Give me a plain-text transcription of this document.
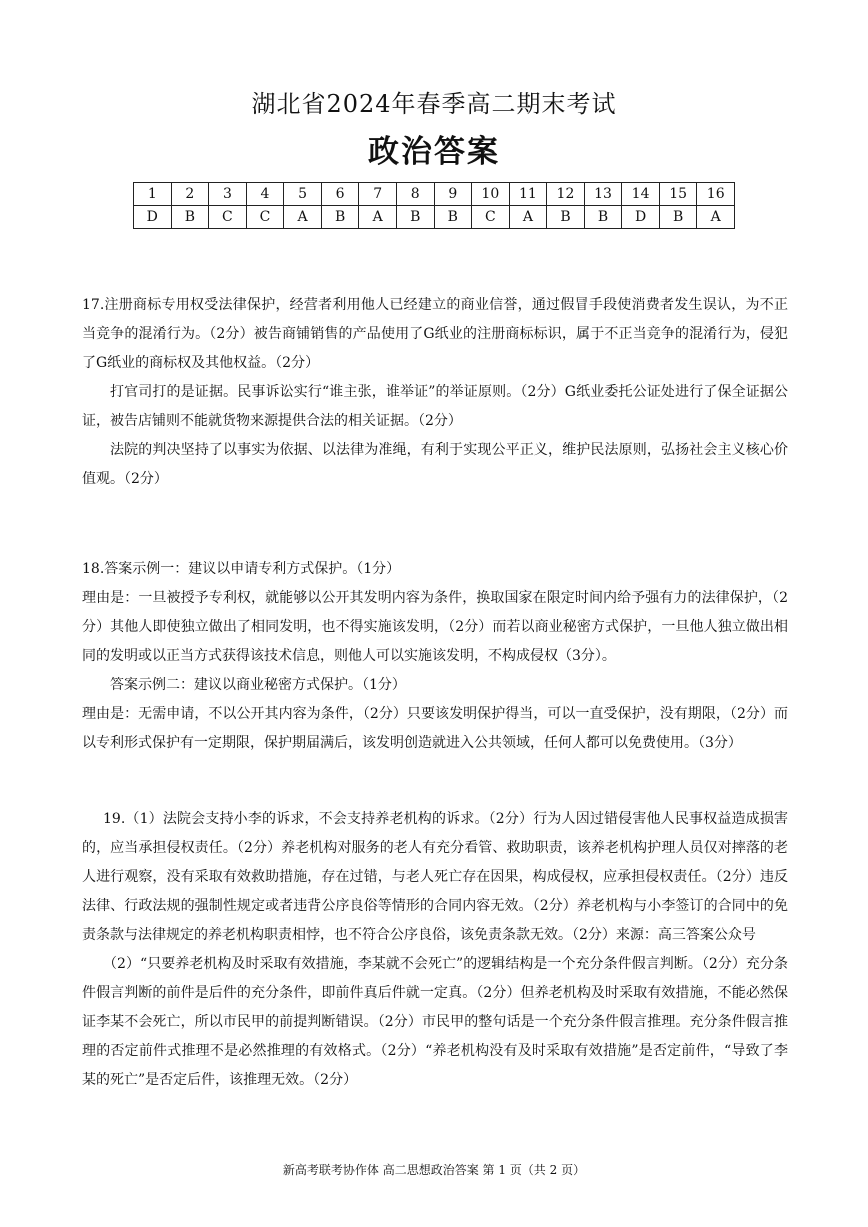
湖北省2024年春季高二期末考试
政治答案
1	2	3	4	5	6	7	8	9	10	11	12	13	14	15	16
D	B	C	C	A	B	A	B	B	C	A	B	B	D	B	A

17.注册商标专用权受法律保护，经营者利用他人已经建立的商业信誉，通过假冒手段使消费者发生误认，为不正当竞争的混淆行为。（2分）被告商铺销售的产品使用了G纸业的注册商标标识，属于不正当竞争的混淆行为，侵犯了G纸业的商标权及其他权益。（2分）

打官司打的是证据。民事诉讼实行“谁主张，谁举证”的举证原则。（2分）G纸业委托公证处进行了保全证据公证，被告店铺则不能就货物来源提供合法的相关证据。（2分）

法院的判决坚持了以事实为依据、以法律为准绳，有利于实现公平正义，维护民法原则，弘扬社会主义核心价值观。（2分）

18.答案示例一：建议以申请专利方式保护。（1分）

理由是：一旦被授予专利权，就能够以公开其发明内容为条件，换取国家在限定时间内给予强有力的法律保护，（2分）其他人即使独立做出了相同发明，也不得实施该发明，（2分）而若以商业秘密方式保护，一旦他人独立做出相同的发明或以正当方式获得该技术信息，则他人可以实施该发明，不构成侵权（3分）。

答案示例二：建议以商业秘密方式保护。（1分）

理由是：无需申请，不以公开其内容为条件，（2分）只要该发明保护得当，可以一直受保护，没有期限，（2分）而以专利形式保护有一定期限，保护期届满后，该发明创造就进入公共领域，任何人都可以免费使用。（3分）

19.（1）法院会支持小李的诉求，不会支持养老机构的诉求。（2分）行为人因过错侵害他人民事权益造成损害的，应当承担侵权责任。（2分）养老机构对服务的老人有充分看管、救助职责，该养老机构护理人员仅对摔落的老人进行观察，没有采取有效救助措施，存在过错，与老人死亡存在因果，构成侵权，应承担侵权责任。（2分）违反法律、行政法规的强制性规定或者违背公序良俗等情形的合同内容无效。（2分）养老机构与小李签订的合同中的免责条款与法律规定的养老机构职责相悖，也不符合公序良俗，该免责条款无效。（2分）来源：高三答案公众号

（2）“只要养老机构及时采取有效措施，李某就不会死亡”的逻辑结构是一个充分条件假言判断。（2分）充分条件假言判断的前件是后件的充分条件，即前件真后件就一定真。（2分）但养老机构及时采取有效措施，不能必然保证李某不会死亡，所以市民甲的前提判断错误。（2分）市民甲的整句话是一个充分条件假言推理。充分条件假言推理的否定前件式推理不是必然推理的有效格式。（2分）“养老机构没有及时采取有效措施”是否定前件，“导致了李某的死亡”是否定后件，该推理无效。（2分）

新高考联考协作体 高二思想政治答案 第 1 页（共 2 页）
